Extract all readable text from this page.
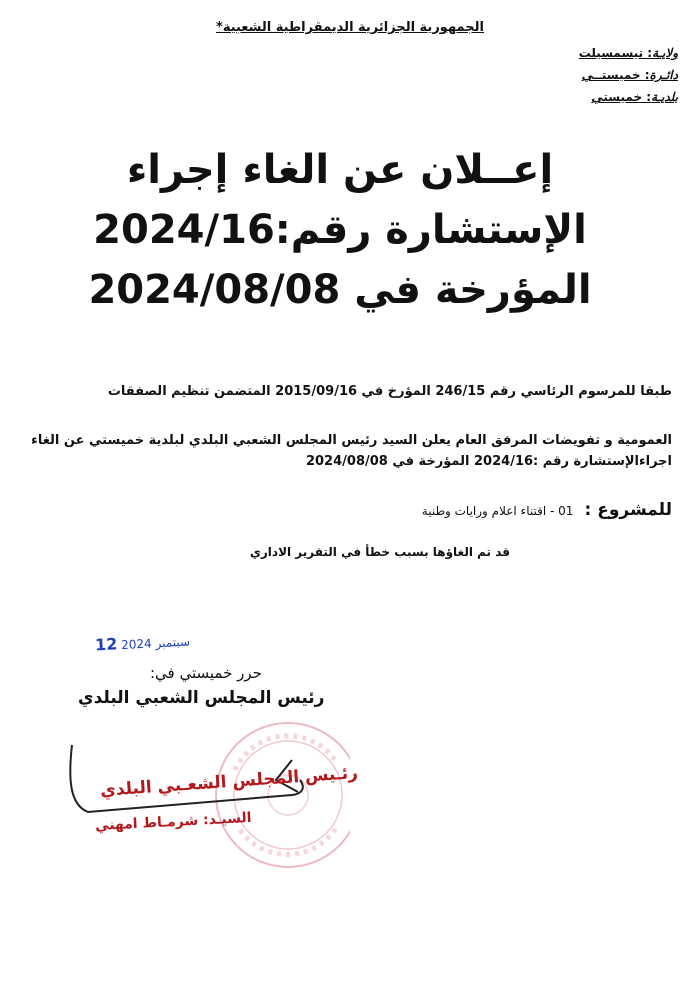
الجمهورية الجزائرية الديمقراطية الشعبية*
ولايـة: تيسمسيلت
دائـرة: خميستــي
بلديـة: خميستي
إعــلان عن الغاء إجراء
الإستشارة رقم:2024/16
المؤرخة في 2024/08/08
طبقا للمرسوم الرئاسي رقم 246/15 المؤرخ في 2015/09/16 المتضمن تنظيم الصفقات
العمومية و تفويضات المرفق العام يعلن السيد رئيس المجلس الشعبي البلدي لبلدية خميستي عن الغاء
اجراءالإستشارة رقم :2024/16 المؤرخة في 2024/08/08
للمشروع : 01 - اقتناء اعلام ورايات وطنية
قد تم الغاؤها بسبب خطأ في التقرير الاداري
سبتمبر 2024 12
حرر خميستي في:
رئيس المجلس الشعبي البلدي
رئـيس المجلس الشعـبي البلدي
السيـد: شرمـاط امهني
